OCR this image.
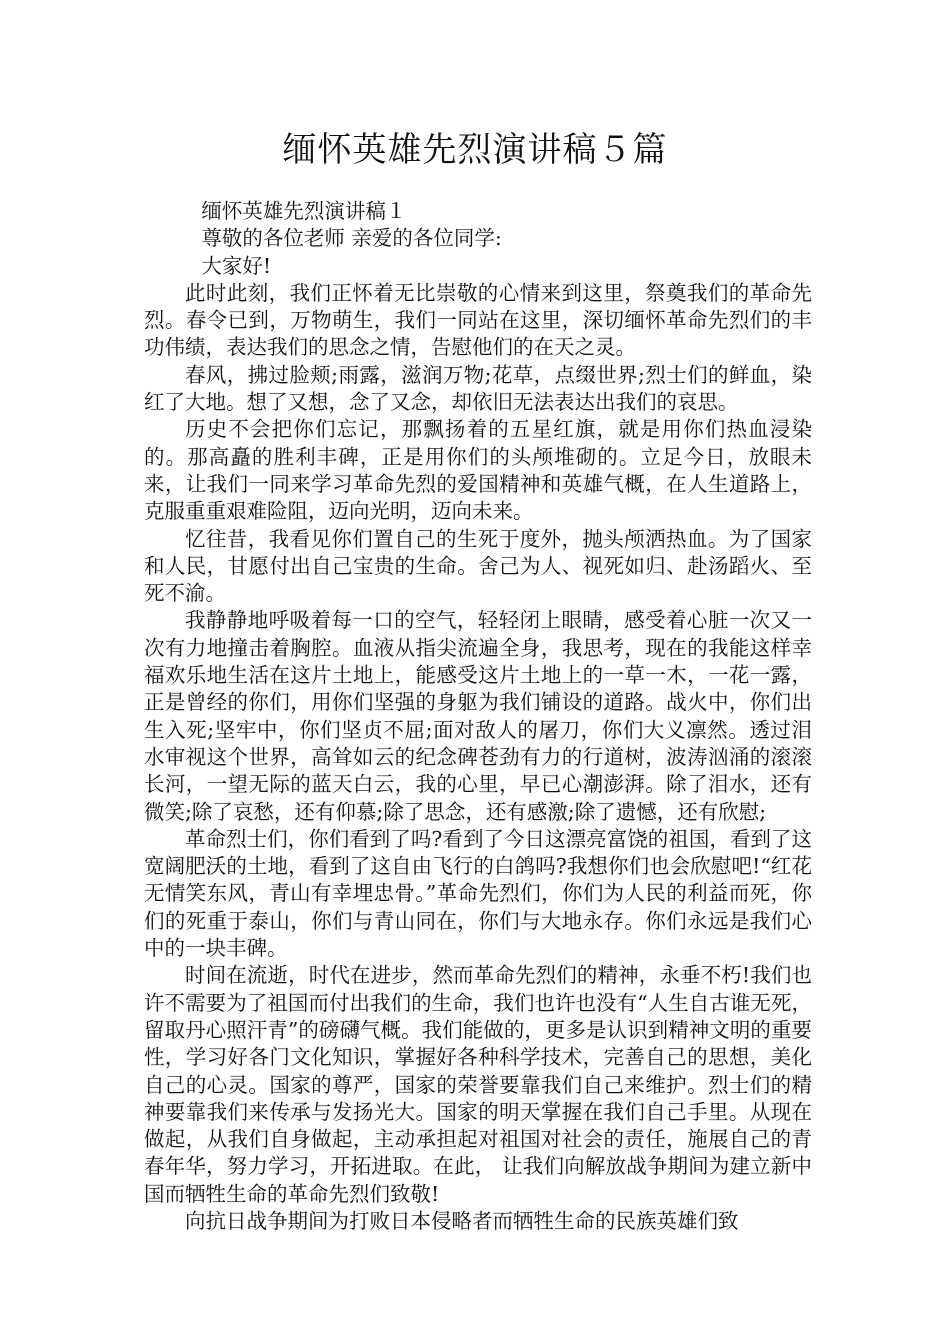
缅怀英雄先烈演讲稿５篇

缅怀英雄先烈演讲稿１

尊敬的各位老师 亲爱的各位同学:

大家好!

此时此刻，我们正怀着无比崇敬的心情来到这里，祭奠我们的革命先烈。春令已到，万物萌生，我们一同站在这里，深切缅怀革命先烈们的丰功伟绩，表达我们的思念之情，告慰他们的在天之灵。

春风，拂过脸颊;雨露，滋润万物;花草，点缀世界;烈士们的鲜血，染红了大地。想了又想，念了又念，却依旧无法表达出我们的哀思。

历史不会把你们忘记，那飘扬着的五星红旗，就是用你们热血浸染的。那高矗的胜利丰碑，正是用你们的头颅堆砌的。立足今日，放眼未来，让我们一同来学习革命先烈的爱国精神和英雄气概，在人生道路上，克服重重艰难险阻，迈向光明，迈向未来。

忆往昔，我看见你们置自己的生死于度外，抛头颅洒热血。为了国家和人民，甘愿付出自己宝贵的生命。舍己为人、视死如归、赴汤蹈火、至死不渝。

我静静地呼吸着每一口的空气，轻轻闭上眼睛，感受着心脏一次又一次有力地撞击着胸腔。血液从指尖流遍全身，我思考，现在的我能这样幸福欢乐地生活在这片土地上，能感受这片土地上的一草一木，一花一露，正是曾经的你们，用你们坚强的身躯为我们铺设的道路。战火中，你们出生入死;坚牢中，你们坚贞不屈;面对敌人的屠刀，你们大义凛然。透过泪水审视这个世界，高耸如云的纪念碑苍劲有力的行道树，波涛汹涌的滚滚长河，一望无际的蓝天白云，我的心里，早已心潮澎湃。除了泪水，还有微笑;除了哀愁，还有仰慕;除了思念，还有感激;除了遗憾，还有欣慰;

革命烈士们，你们看到了吗?看到了今日这漂亮富饶的祖国，看到了这宽阔肥沃的土地，看到了这自由飞行的白鸽吗?我想你们也会欣慰吧!“红花无情笑东风，青山有幸埋忠骨。”革命先烈们，你们为人民的利益而死，你们的死重于泰山，你们与青山同在，你们与大地永存。你们永远是我们心中的一块丰碑。

时间在流逝，时代在进步，然而革命先烈们的精神，永垂不朽!我们也许不需要为了祖国而付出我们的生命，我们也许也没有“人生自古谁无死，留取丹心照汗青”的磅礴气概。我们能做的，更多是认识到精神文明的重要性，学习好各门文化知识，掌握好各种科学技术，完善自己的思想，美化自己的心灵。国家的尊严，国家的荣誉要靠我们自己来维护。烈士们的精神要靠我们来传承与发扬光大。国家的明天掌握在我们自己手里。从现在做起，从我们自身做起，主动承担起对祖国对社会的责任，施展自己的青春年华，努力学习，开拓进取。在此， 让我们向解放战争期间为建立新中国而牺牲生命的革命先烈们致敬!

向抗日战争期间为打败日本侵略者而牺牲生命的民族英雄们致
